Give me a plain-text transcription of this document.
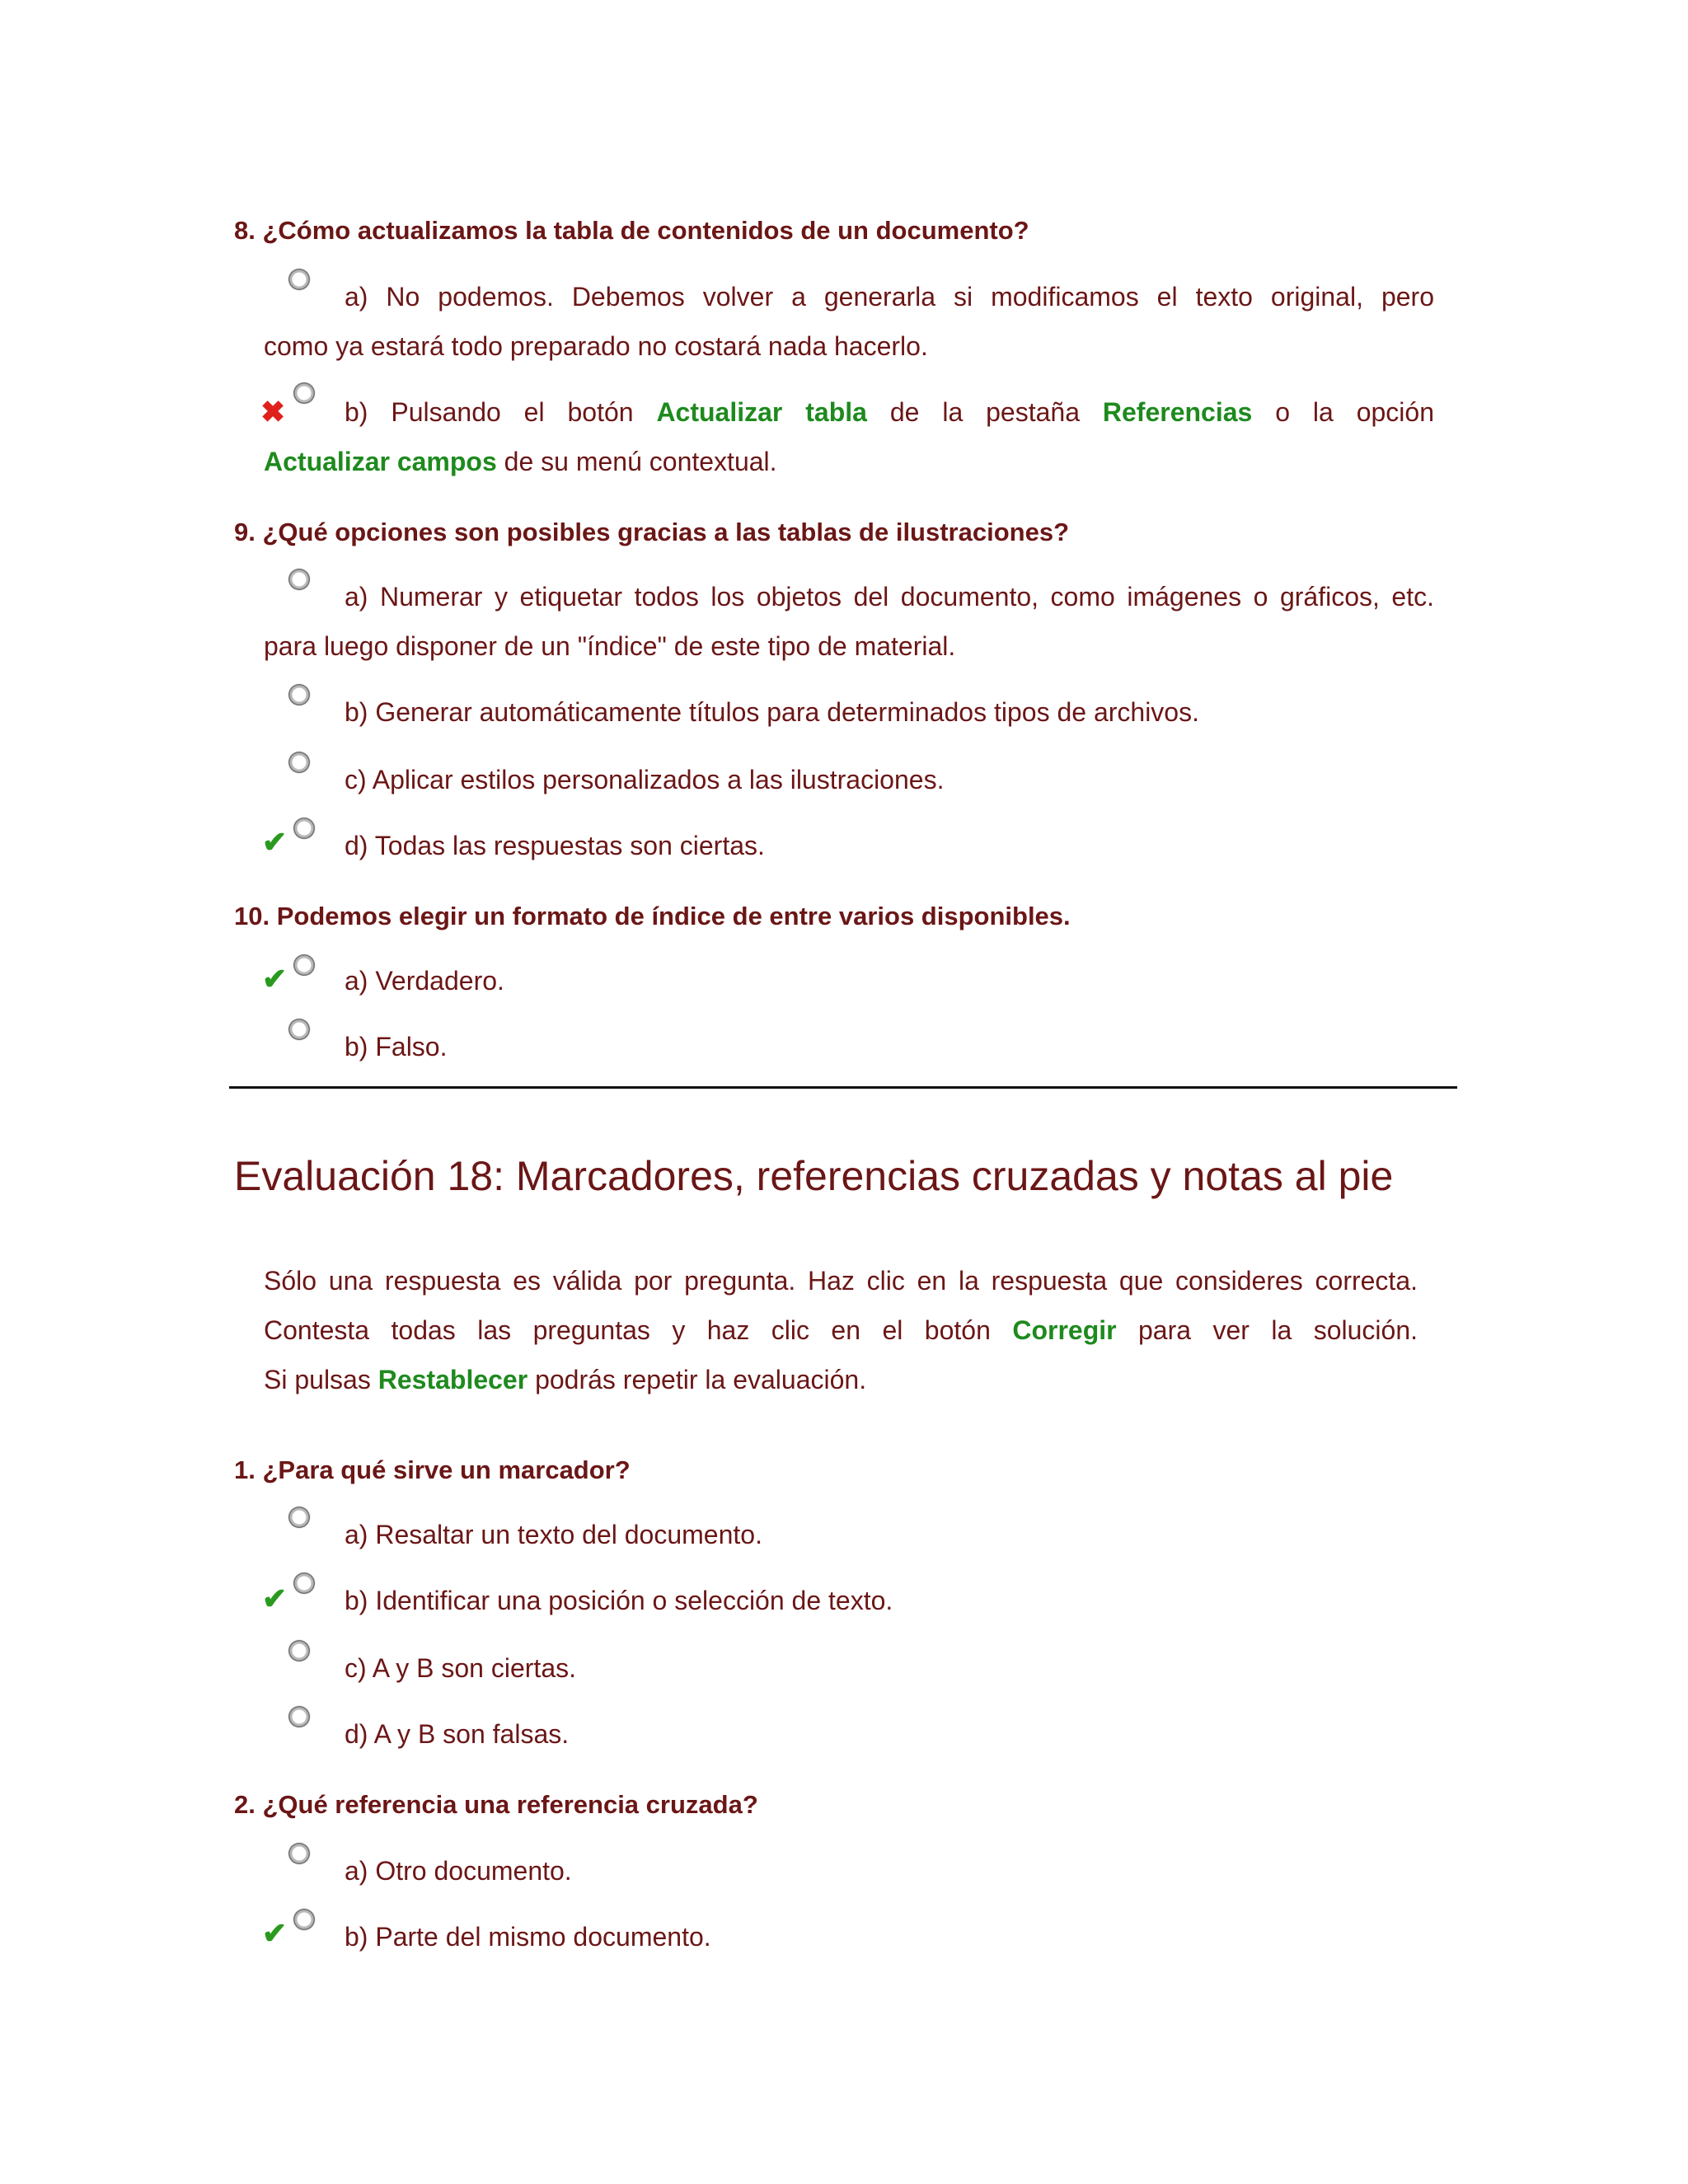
8. ¿Cómo actualizamos la tabla de contenidos de un documento?
a) No podemos. Debemos volver a generarla si modificamos el texto original, pero
como ya estará todo preparado no costará nada hacerlo.
✖	b) Pulsando el botón Actualizar tabla de la pestaña Referencias o la opción
Actualizar campos de su menú contextual.
9. ¿Qué opciones son posibles gracias a las tablas de ilustraciones?
a) Numerar y etiquetar todos los objetos del documento, como imágenes o gráficos, etc.
para luego disponer de un "índice" de este tipo de material.
b) Generar automáticamente títulos para determinados tipos de archivos.
c) Aplicar estilos personalizados a las ilustraciones.
✔	d) Todas las respuestas son ciertas.
10. Podemos elegir un formato de índice de entre varios disponibles.
✔	a) Verdadero.
b) Falso.
Evaluación 18: Marcadores, referencias cruzadas y notas al pie
Sólo una respuesta es válida por pregunta. Haz clic en la respuesta que consideres correcta.
Contesta todas las preguntas y haz clic en el botón Corregir para ver la solución.
Si pulsas Restablecer podrás repetir la evaluación.
1. ¿Para qué sirve un marcador?
a) Resaltar un texto del documento.
✔	b) Identificar una posición o selección de texto.
c) A y B son ciertas.
d) A y B son falsas.
2. ¿Qué referencia una referencia cruzada?
a) Otro documento.
✔	b) Parte del mismo documento.
